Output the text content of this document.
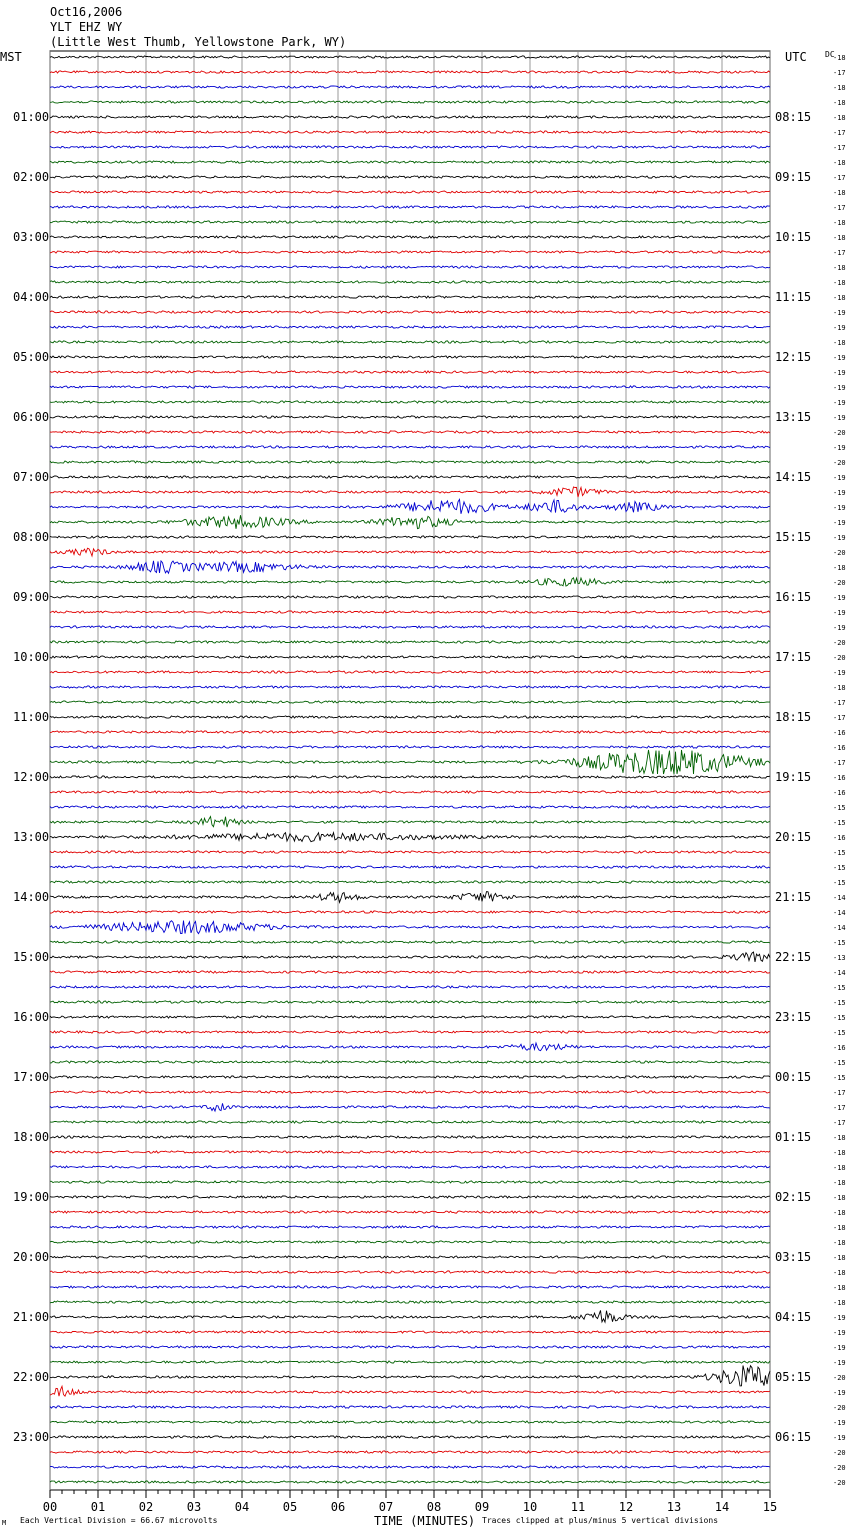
Oct16,2006
YLT EHZ WY
(Little West Thumb, Yellowstone Park, WY)
MST	UTC DC
00	01	02	03	04	05	06	07	08	09	10	11	12	13	14	15
-18
-17
-18
-18
-18
-17
-17
-18
-17
-18
-17
-18
-18
-17
-18
-18
-18
-19
-19
-18
-19
-19
-19
-19
-19
-20
-19
-20
-19
-19
-19
-19
-19
-20
-18
-20
-19
-19
-19
-20
-20
-19
-18
-17
-17
-16
-16
-17
-16
-16
-15
-15
-16
-15
-15
-15
-14
-14
-14
-15
-13
-14
-15
-15
-15
-15
-16
-15
-15
-17
-17
-17
-18
-18
-18
-18
-18
-18
-18
-18
-18
-18
-18
-18
-19
-19
-19
-19
-20
-19
-20
-19
-19
-20
-20
-20
01:00
02:00
03:00
04:00
05:00
06:00
07:00
08:00
09:00
10:00
11:00
12:00
13:00
14:00
15:00
16:00
17:00
18:00
19:00
20:00
21:00
22:00
23:00
08:15
09:15
10:15
11:15
12:15
13:15
14:15
15:15
16:15
17:15
18:15
19:15
20:15
21:15
22:15
23:15
00:15
01:15
02:15
03:15
04:15
05:15
06:15
M Each Vertical Division = 66.67 microvolts	TIME (MINUTES) Traces clipped at plus/minus 5 vertical divisions
